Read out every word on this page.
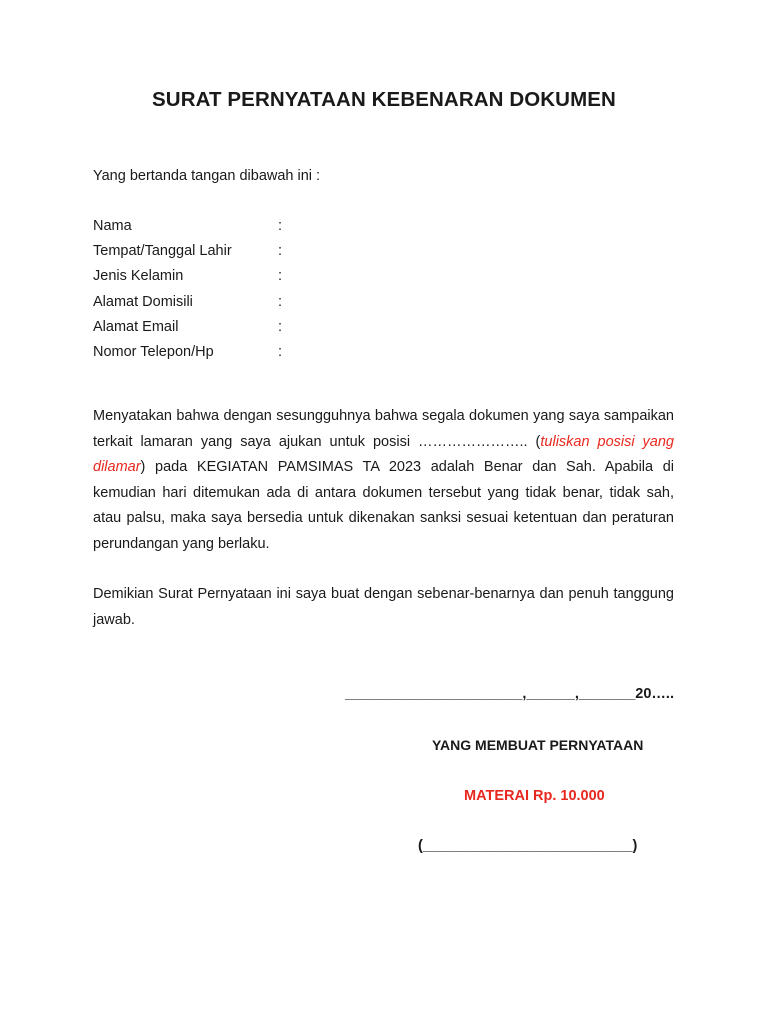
SURAT PERNYATAAN KEBENARAN DOKUMEN
Yang bertanda tangan dibawah ini :
Nama	:
Tempat/Tanggal Lahir	:
Jenis Kelamin	:
Alamat Domisili	:
Alamat Email	:
Nomor Telepon/Hp	:
Menyatakan bahwa dengan sesungguhnya bahwa segala dokumen yang saya sampaikan terkait lamaran yang saya ajukan untuk posisi ………………….. (tuliskan posisi yang dilamar) pada KEGIATAN PAMSIMAS TA 2023 adalah Benar dan Sah. Apabila di kemudian hari ditemukan ada di antara dokumen tersebut yang tidak benar, tidak sah, atau palsu, maka saya bersedia untuk dikenakan sanksi sesuai ketentuan dan peraturan perundangan yang berlaku.
Demikian Surat Pernyataan ini saya buat dengan sebenar-benarnya dan penuh tanggung jawab.
______________________,______,_______20…..
YANG MEMBUAT PERNYATAAN
MATERAI Rp. 10.000
(__________________________)
